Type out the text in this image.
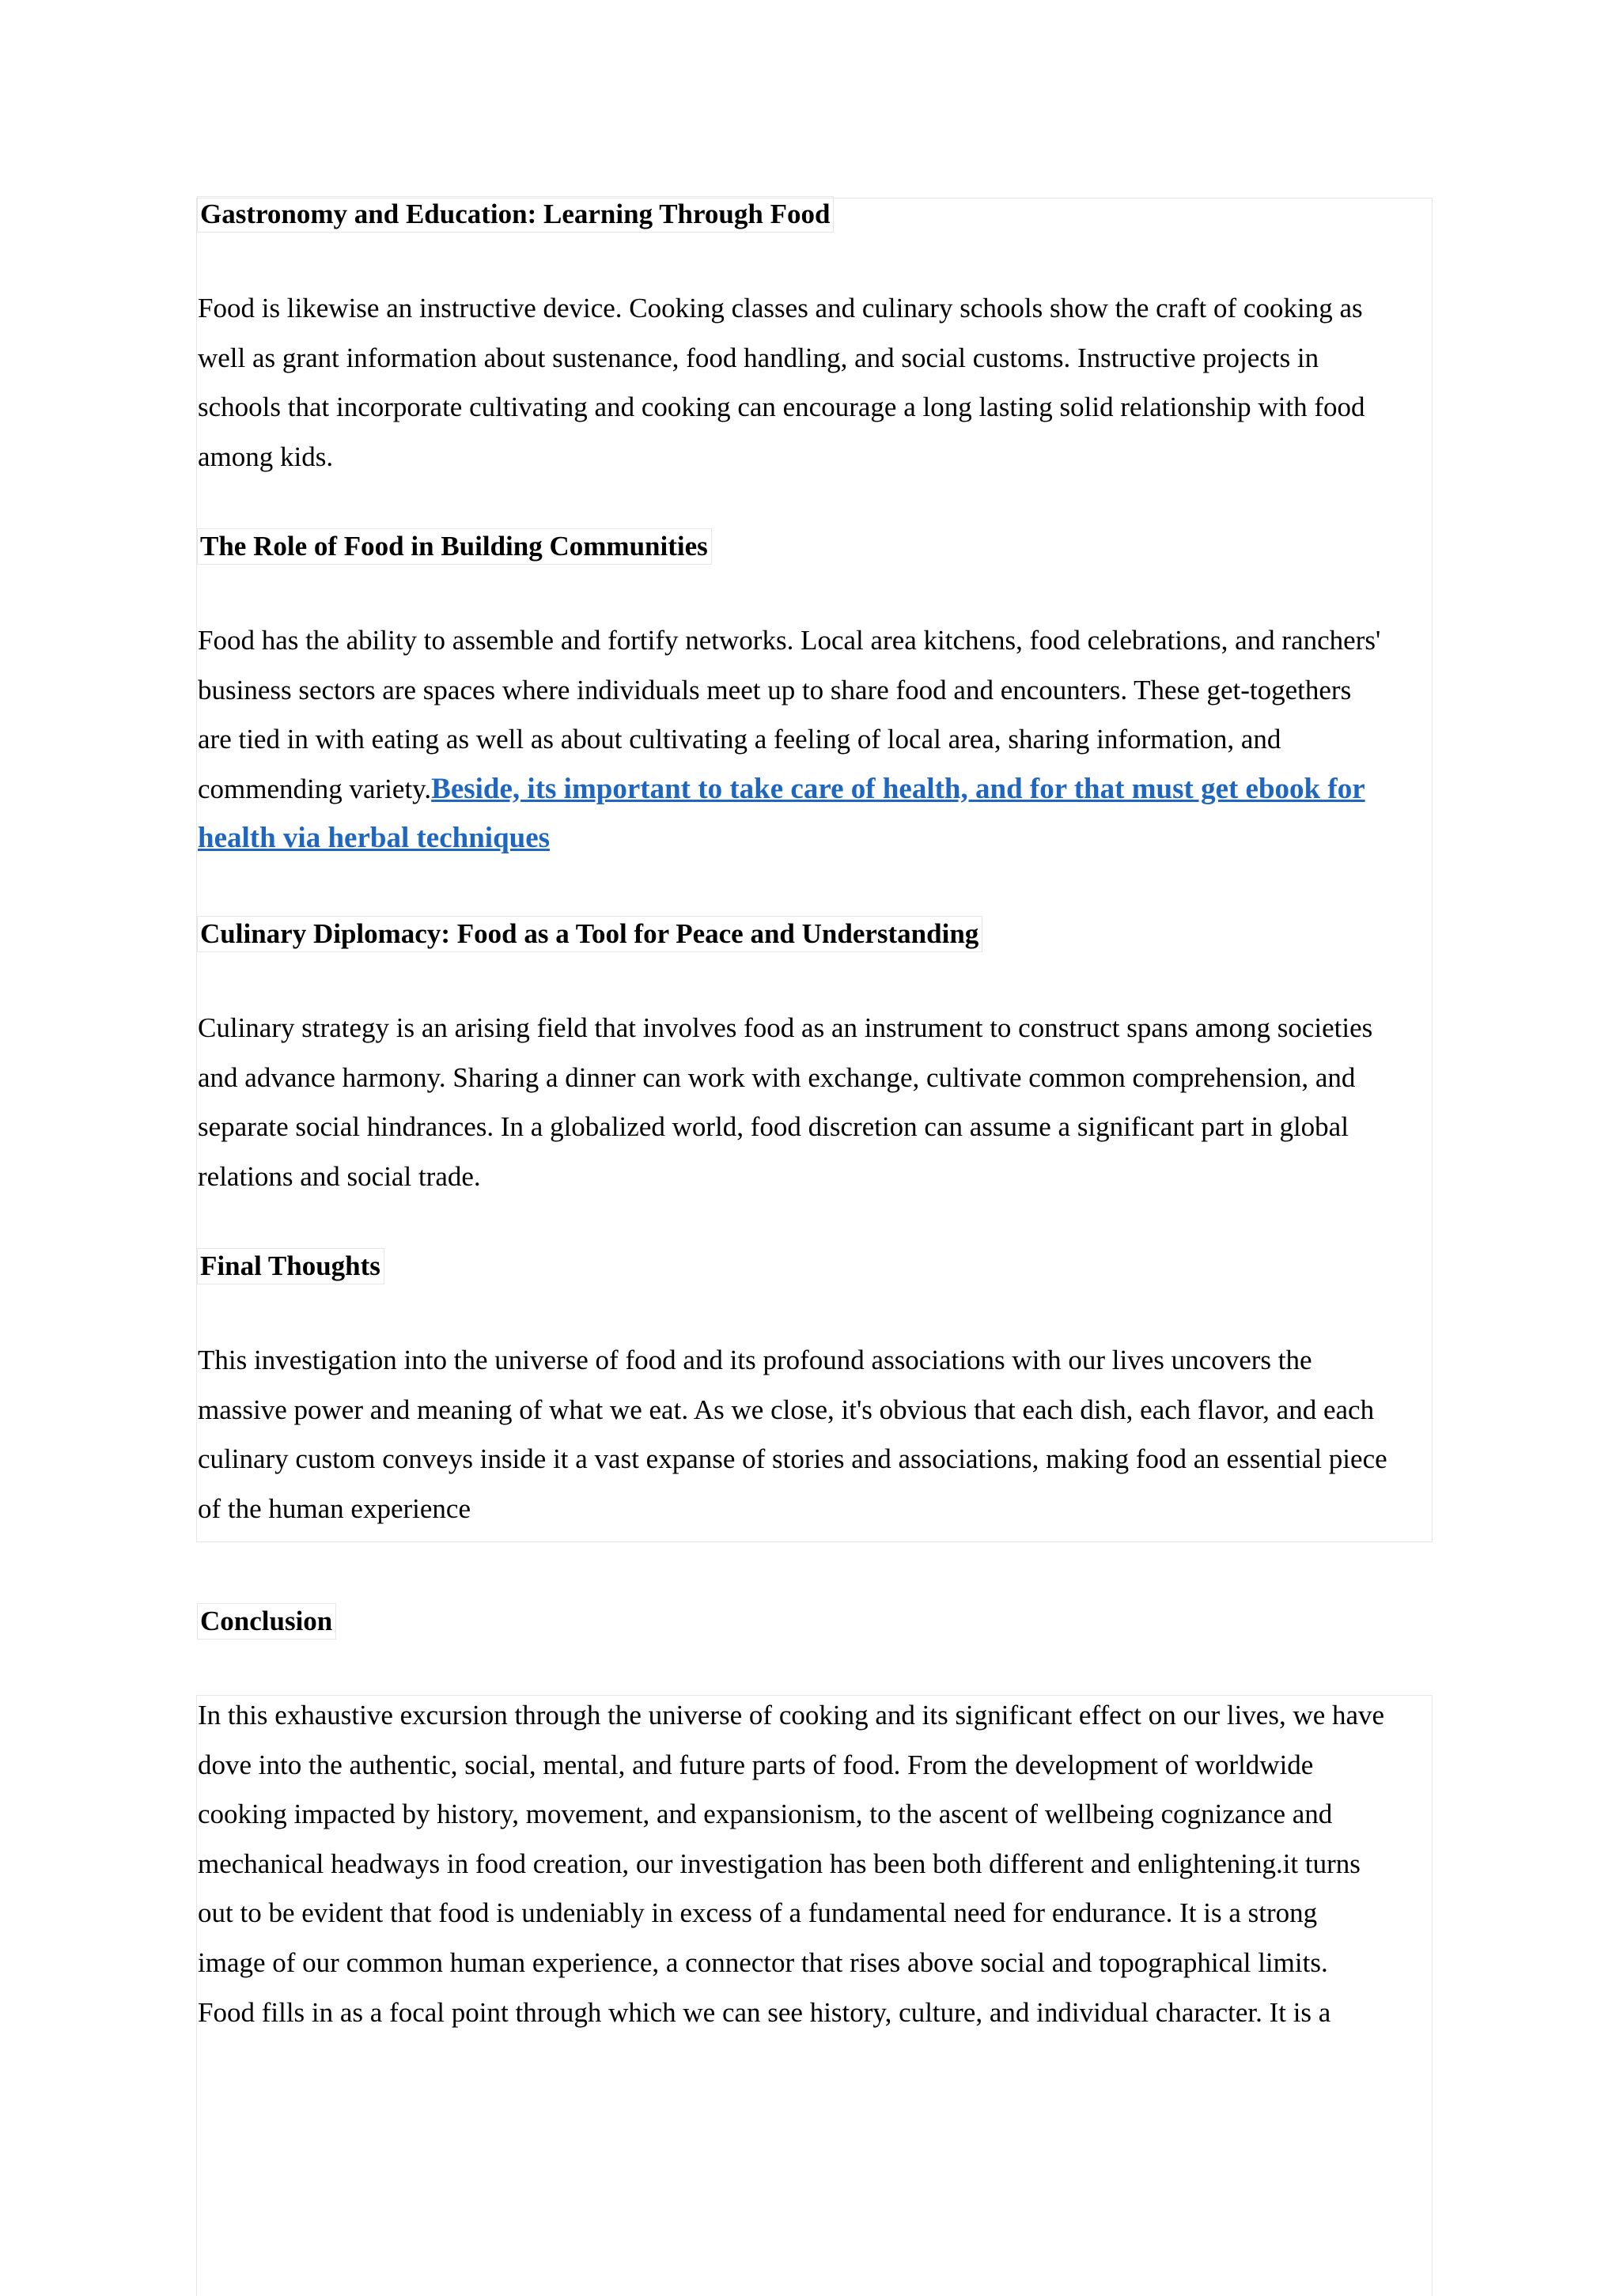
Gastronomy and Education: Learning Through Food
Food is likewise an instructive device. Cooking classes and culinary schools show the craft of cooking as
well as grant information about sustenance, food handling, and social customs. Instructive projects in
schools that incorporate cultivating and cooking can encourage a long lasting solid relationship with food
among kids.
The Role of Food in Building Communities
Food has the ability to assemble and fortify networks. Local area kitchens, food celebrations, and ranchers'
business sectors are spaces where individuals meet up to share food and encounters. These get-togethers
are tied in with eating as well as about cultivating a feeling of local area, sharing information, and
commending variety.Beside, its important to take care of health, and for that must get ebook for
health via herbal techniques
Culinary Diplomacy: Food as a Tool for Peace and Understanding
Culinary strategy is an arising field that involves food as an instrument to construct spans among societies
and advance harmony. Sharing a dinner can work with exchange, cultivate common comprehension, and
separate social hindrances. In a globalized world, food discretion can assume a significant part in global
relations and social trade.
Final Thoughts
This investigation into the universe of food and its profound associations with our lives uncovers the
massive power and meaning of what we eat. As we close, it's obvious that each dish, each flavor, and each
culinary custom conveys inside it a vast expanse of stories and associations, making food an essential piece
of the human experience
Conclusion
In this exhaustive excursion through the universe of cooking and its significant effect on our lives, we have
dove into the authentic, social, mental, and future parts of food. From the development of worldwide
cooking impacted by history, movement, and expansionism, to the ascent of wellbeing cognizance and
mechanical headways in food creation, our investigation has been both different and enlightening.it turns
out to be evident that food is undeniably in excess of a fundamental need for endurance. It is a strong
image of our common human experience, a connector that rises above social and topographical limits.
Food fills in as a focal point through which we can see history, culture, and individual character. It is a
